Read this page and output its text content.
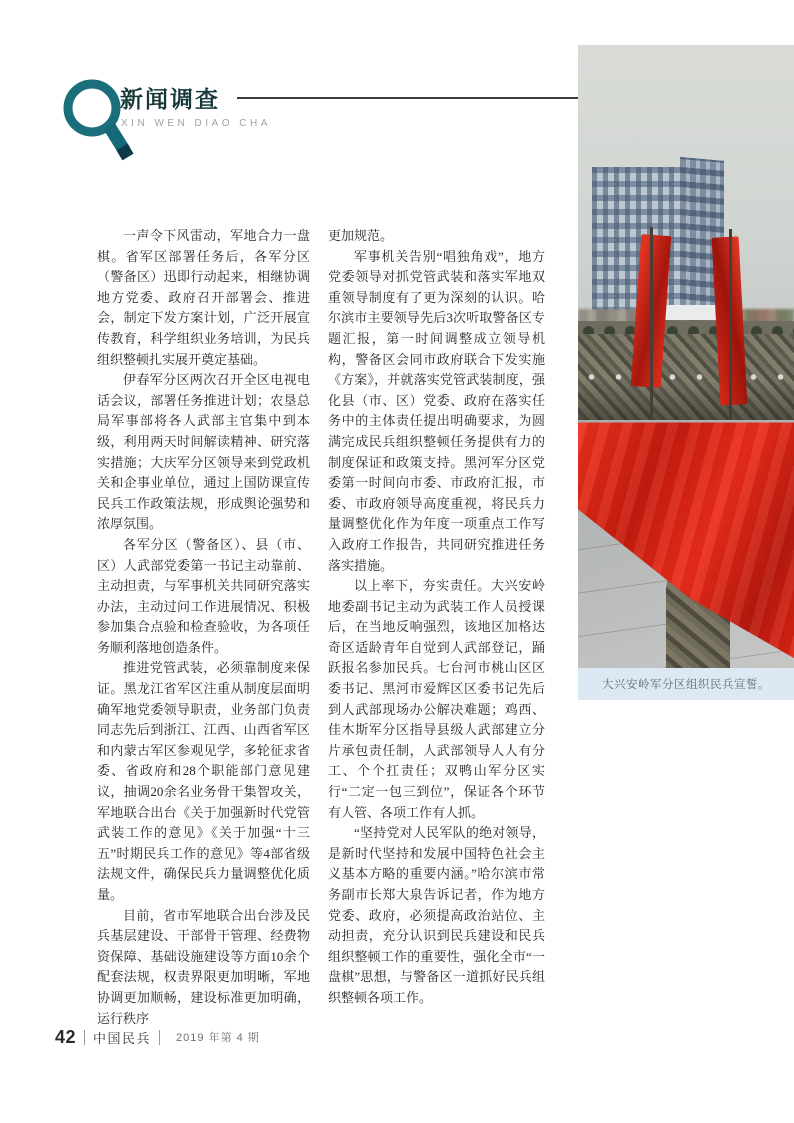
新闻调查
XIN WEN DIAO CHA

一声令下风雷动，军地合力一盘棋。省军区部署任务后，各军分区（警备区）迅即行动起来，相继协调地方党委、政府召开部署会、推进会，制定下发方案计划，广泛开展宣传教育，科学组织业务培训，为民兵组织整顿扎实展开奠定基础。

伊春军分区两次召开全区电视电话会议，部署任务推进计划；农垦总局军事部将各人武部主官集中到本级，利用两天时间解读精神、研究落实措施；大庆军分区领导来到党政机关和企事业单位，通过上国防课宣传民兵工作政策法规，形成舆论强势和浓厚氛围。

各军分区（警备区）、县（市、区）人武部党委第一书记主动靠前、主动担责，与军事机关共同研究落实办法，主动过问工作进展情况、积极参加集合点验和检查验收，为各项任务顺利落地创造条件。

推进党管武装，必须靠制度来保证。黑龙江省军区注重从制度层面明确军地党委领导职责，业务部门负责同志先后到浙江、江西、山西省军区和内蒙古军区参观见学，多轮征求省委、省政府和28个职能部门意见建议，抽调20余名业务骨干集智攻关，军地联合出台《关于加强新时代党管武装工作的意见》《关于加强“十三五”时期民兵工作的意见》等4部省级法规文件，确保民兵力量调整优化质量。

目前，省市军地联合出台涉及民兵基层建设、干部骨干管理、经费物资保障、基础设施建设等方面10余个配套法规，权责界限更加明晰，军地协调更加顺畅，建设标准更加明确，运行秩序

更加规范。

军事机关告别“唱独角戏”，地方党委领导对抓党管武装和落实军地双重领导制度有了更为深刻的认识。哈尔滨市主要领导先后3次听取警备区专题汇报，第一时间调整成立领导机构，警备区会同市政府联合下发实施《方案》，并就落实党管武装制度，强化县（市、区）党委、政府在落实任务中的主体责任提出明确要求，为圆满完成民兵组织整顿任务提供有力的制度保证和政策支持。黑河军分区党委第一时间向市委、市政府汇报，市委、市政府领导高度重视，将民兵力量调整优化作为年度一项重点工作写入政府工作报告，共同研究推进任务落实措施。

以上率下，夯实责任。大兴安岭地委副书记主动为武装工作人员授课后，在当地反响强烈，该地区加格达奇区适龄青年自觉到人武部登记，踊跃报名参加民兵。七台河市桃山区区委书记、黑河市爱辉区区委书记先后到人武部现场办公解决难题；鸡西、佳木斯军分区指导县级人武部建立分片承包责任制，人武部领导人人有分工、个个扛责任；双鸭山军分区实行“二定一包三到位”，保证各个环节有人管、各项工作有人抓。

“坚持党对人民军队的绝对领导，是新时代坚持和发展中国特色社会主义基本方略的重要内涵。”哈尔滨市常务副市长郑大泉告诉记者，作为地方党委、政府，必须提高政治站位、主动担责，充分认识到民兵建设和民兵组织整顿工作的重要性，强化全市“一盘棋”思想，与警备区一道抓好民兵组织整顿各项工作。

大兴安岭军分区组织民兵宣誓。
42 中国民兵 2019 年第 4 期
